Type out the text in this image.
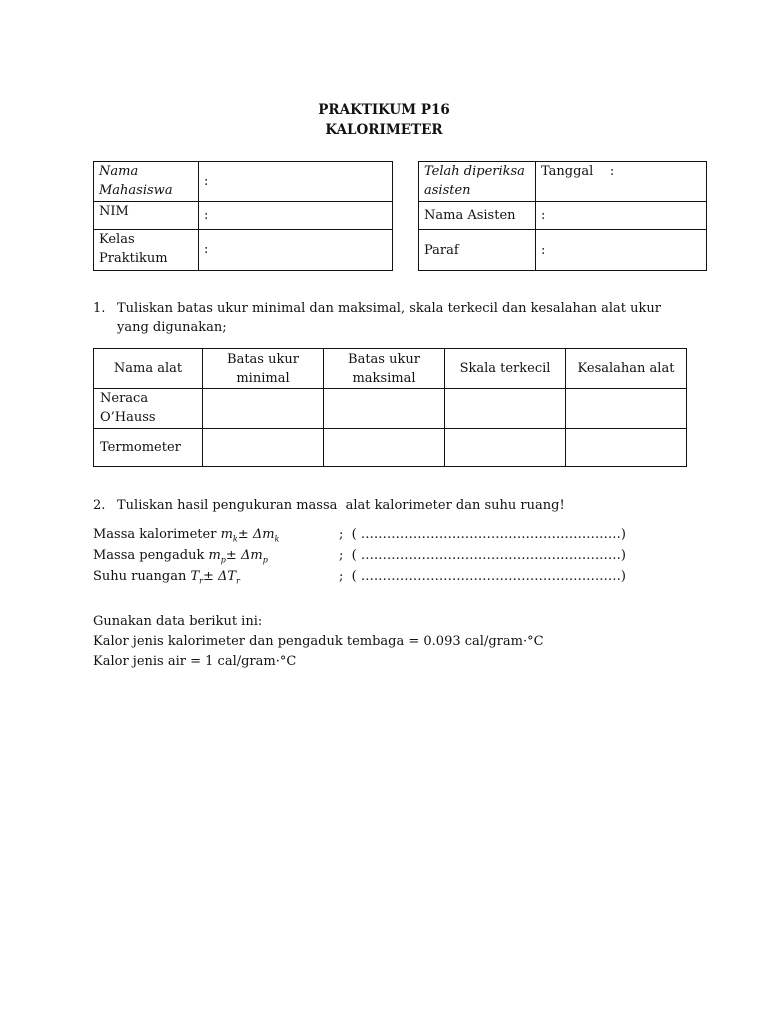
PRAKTIKUM P16
KALORIMETER
Nama
Mahasiswa	:
NIM	:

Kelas
Praktikum	:
Telah diperiksa
asisten	Tanggal    :
Nama Asisten	:
Paraf	:
1. Tuliskan batas ukur minimal dan maksimal, skala terkecil dan kesalahan alat ukur yang digunakan;
Nama alat	Batas ukur minimal	Batas ukur maksimal	Skala terkecil	Kesalahan alat

Neraca
O’Hauss				

Termometer				
2. Tuliskan hasil pengukuran massa  alat kalorimeter dan suhu ruang!
Massa kalorimeter $m_k\pm \Delta m_k$	;  ( ……………………………………………………)
Massa pengaduk $m_p\pm \Delta m_p$	;  ( ……………………………………………………)
Suhu ruangan $T_r\pm \Delta T_r$	;  ( ……………………………………………………)
Gunakan data berikut ini:
Kalor jenis kalorimeter dan pengaduk tembaga = 0.093 cal/gram·°C
Kalor jenis air = 1 cal/gram·°C
